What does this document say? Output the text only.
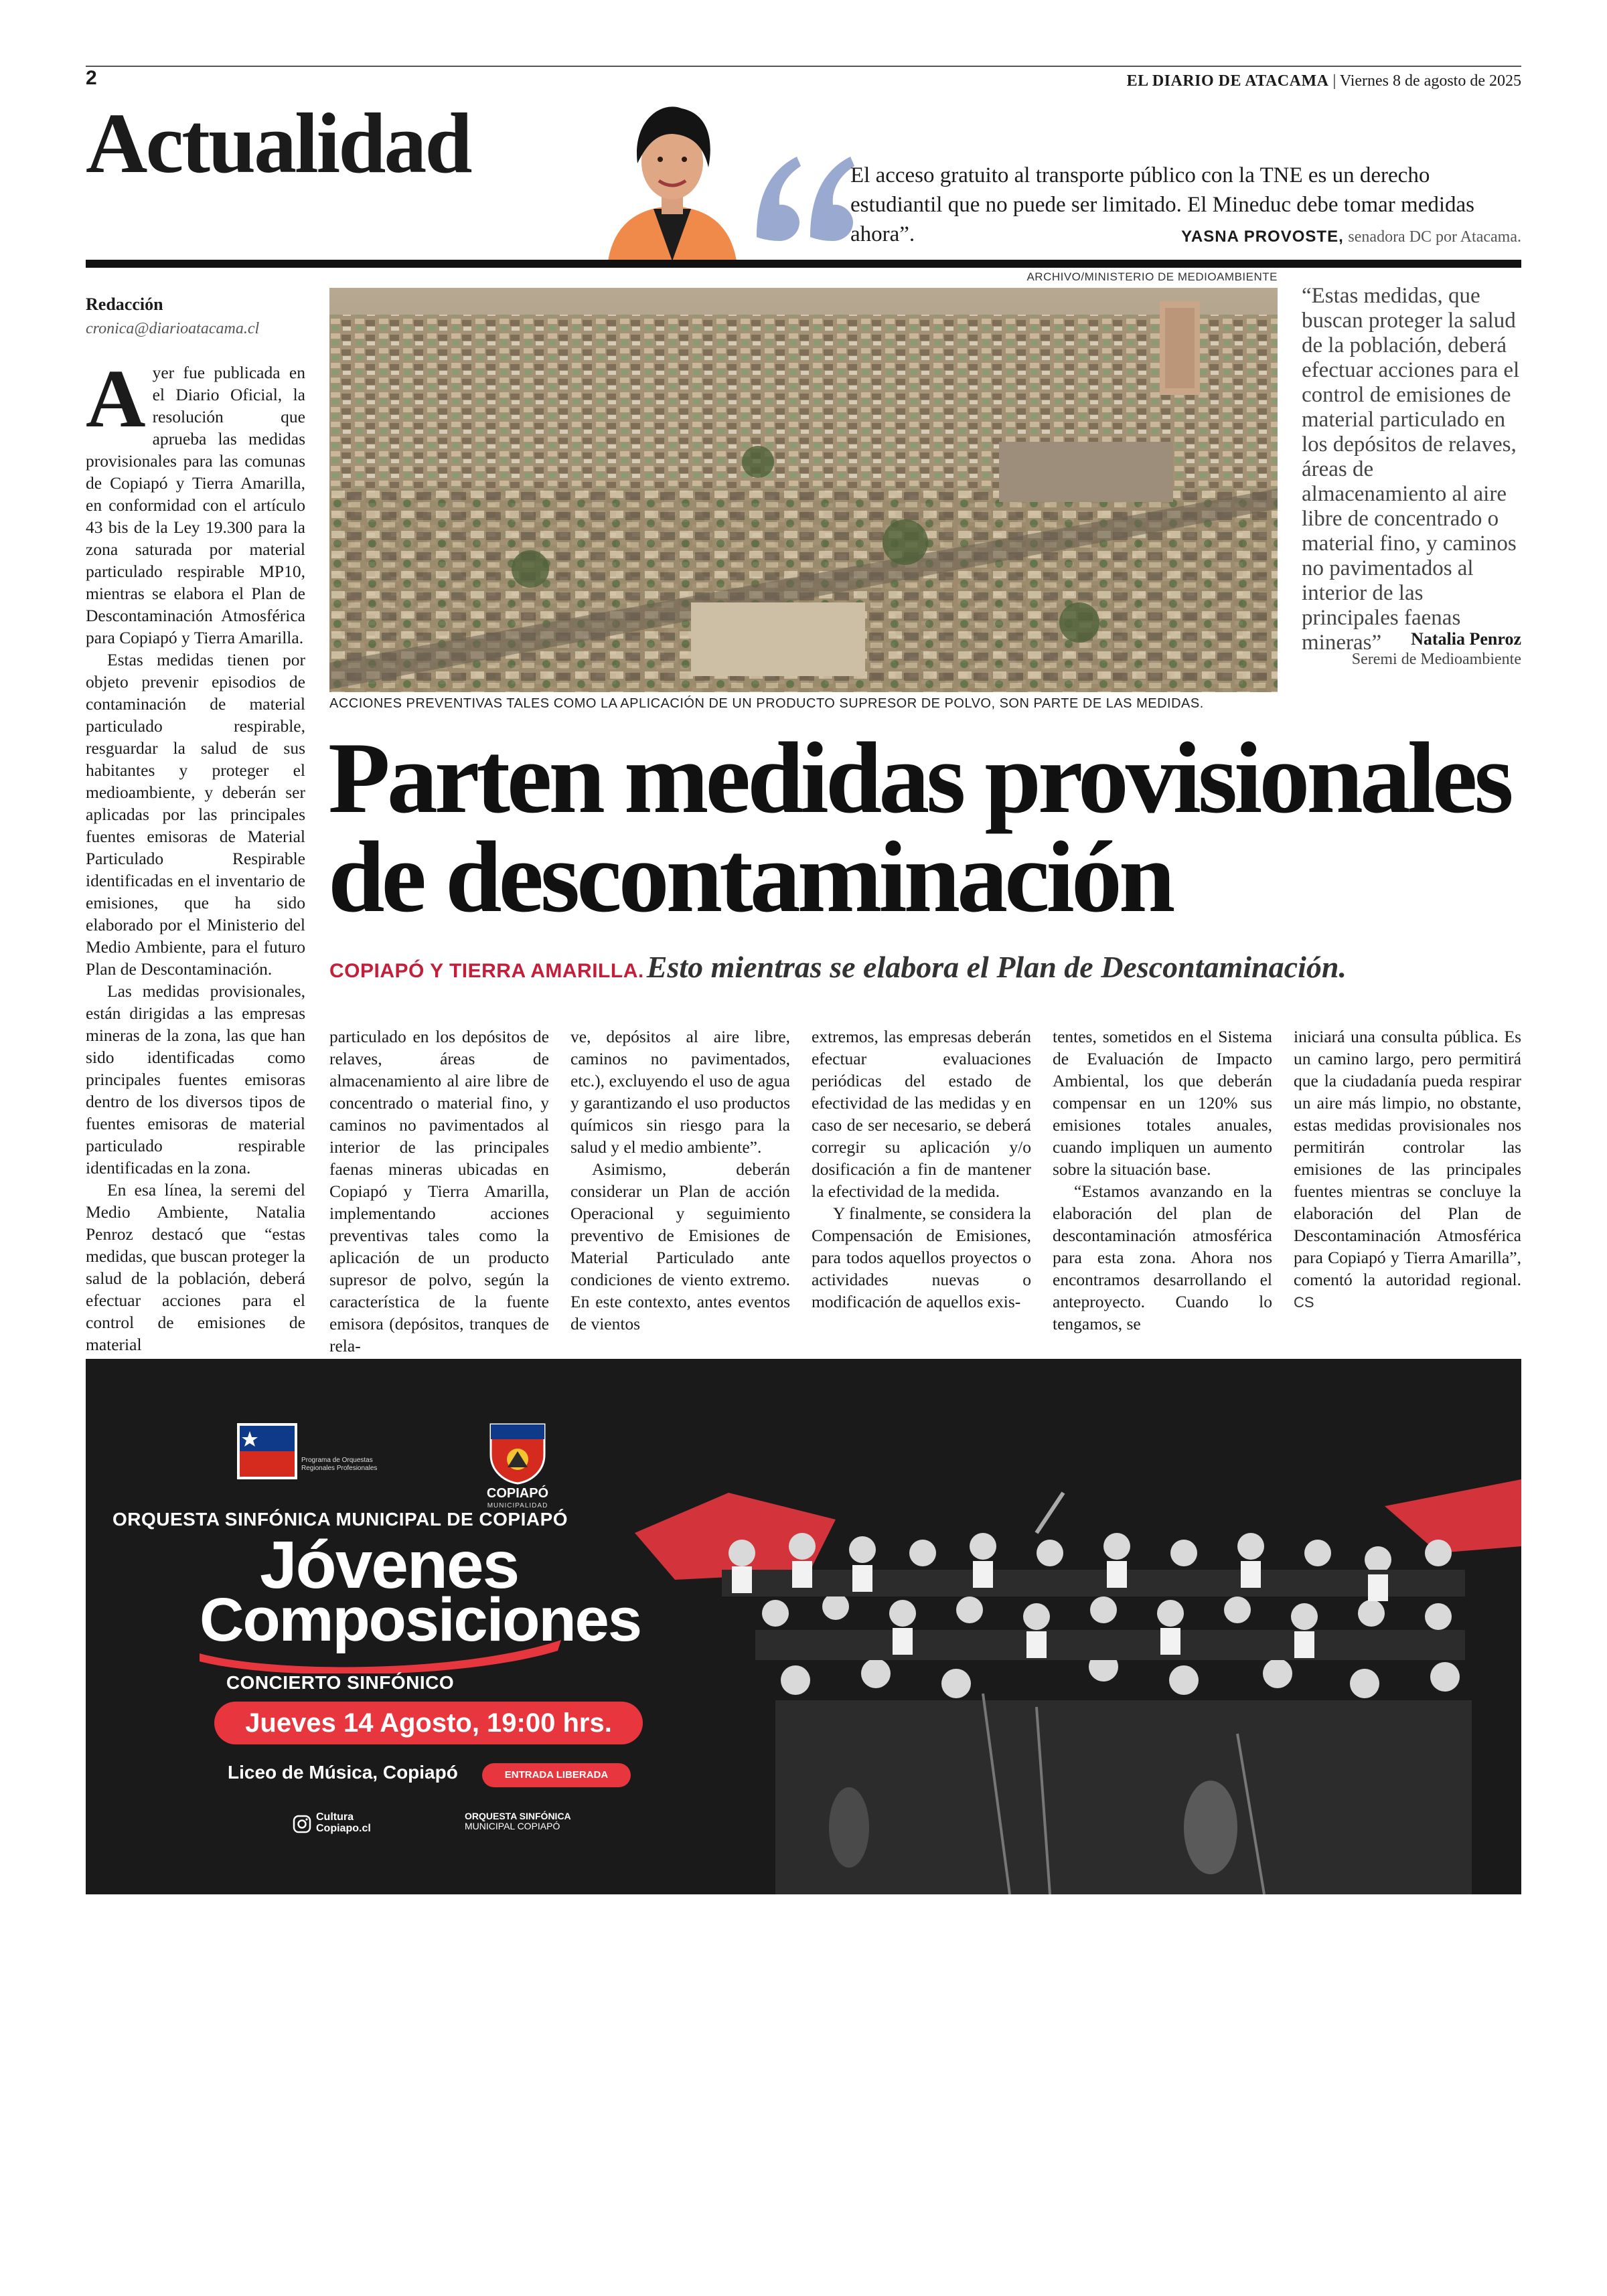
2	EL DIARIO DE ATACAMA | Viernes 8 de agosto de 2025
Actualidad	El acceso gratuito al transporte público con la TNE es un derecho estudiantil que no puede ser limitado. El Mineduc debe tomar medidas ahora”.	YASNA PROVOSTE, senadora DC por Atacama.
Redacción
cronica@diarioatacama.cl
ARCHIVO/MINISTERIO DE MEDIOAMBIENTE
ACCIONES PREVENTIVAS TALES COMO LA APLICACIÓN DE UN PRODUCTO SUPRESOR DE POLVO, SON PARTE DE LAS MEDIDAS.
“Estas medidas, que buscan proteger la salud de la población, deberá efectuar acciones para el control de emisiones de material particulado en los depósitos de relaves, áreas de almacenamiento al aire libre de concentrado o material fino, y caminos no pavimentados al interior de las principales faenas mineras”	Natalia Penroz
Seremi de Medioambiente
Parten medidas provisionales de descontaminación
COPIAPÓ Y TIERRA AMARILLA. Esto mientras se elabora el Plan de Descontaminación.

Ayer fue publicada en el Diario Oficial, la resolución que aprueba las medidas provisionales para las comunas de Copiapó y Tierra Amarilla, en conformidad con el artículo 43 bis de la Ley 19.300 para la zona saturada por material particulado respirable MP10, mientras se elabora el Plan de Descontaminación Atmosférica para Copiapó y Tierra Amarilla.

Estas medidas tienen por objeto prevenir episodios de contaminación de material particulado respirable, resguardar la salud de sus habitantes y proteger el medioambiente, y deberán ser aplicadas por las principales fuentes emisoras de Material Particulado Respirable identificadas en el inventario de emisiones, que ha sido elaborado por el Ministerio del Medio Ambiente, para el futuro Plan de Descontaminación.

Las medidas provisionales, están dirigidas a las empresas mineras de la zona, las que han sido identificadas como principales fuentes emisoras dentro de los diversos tipos de fuentes emisoras de material particulado respirable identificadas en la zona.

En esa línea, la seremi del Medio Ambiente, Natalia Penroz destacó que “estas medidas, que buscan proteger la salud de la población, deberá efectuar acciones para el control de emisiones de material

particulado en los depósitos de relaves, áreas de almacenamiento al aire libre de concentrado o material fino, y caminos no pavimentados al interior de las principales faenas mineras ubicadas en Copiapó y Tierra Amarilla, implementando acciones preventivas tales como la aplicación de un producto supresor de polvo, según la característica de la fuente emisora (depósitos, tranques de rela-

ve, depósitos al aire libre, caminos no pavimentados, etc.), excluyendo el uso de agua y garantizando el uso productos químicos sin riesgo para la salud y el medio ambiente”.

Asimismo, deberán considerar un Plan de acción Operacional y seguimiento preventivo de Emisiones de Material Particulado ante condiciones de viento extremo. En este contexto, antes eventos de vientos

extremos, las empresas deberán efectuar evaluaciones periódicas del estado de efectividad de las medidas y en caso de ser necesario, se deberá corregir su aplicación y/o dosificación a fin de mantener la efectividad de la medida.

Y finalmente, se considera la Compensación de Emisiones, para todos aquellos proyectos o actividades nuevas o modificación de aquellos exis-

tentes, sometidos en el Sistema de Evaluación de Impacto Ambiental, los que deberán compensar en un 120% sus emisiones totales anuales, cuando impliquen un aumento sobre la situación base.

“Estamos avanzando en la elaboración del plan de descontaminación atmosférica para esta zona. Ahora nos encontramos desarrollando el anteproyecto. Cuando lo tengamos, se

iniciará una consulta pública. Es un camino largo, pero permitirá que la ciudadanía pueda respirar un aire más limpio, no obstante, estas medidas provisionales nos permitirán controlar las emisiones de las principales fuentes mientras se concluye la elaboración del Plan de Descontaminación Atmosférica para Copiapó y Tierra Amarilla”, comentó la autoridad regional. CS

Programa de Orquestas Regionales Profesionales
COPIAPÓ
MUNICIPALIDAD
ORQUESTA SINFÓNICA MUNICIPAL DE COPIAPÓ
Jóvenes
Composiciones
CONCIERTO SINFÓNICO
Jueves 14 Agosto, 19:00 hrs.
Liceo de Música, Copiapó	ENTRADA LIBERADA
Cultura
Copiapo.cl
ORQUESTA SINFÓNICA
MUNICIPAL COPIAPÓ
